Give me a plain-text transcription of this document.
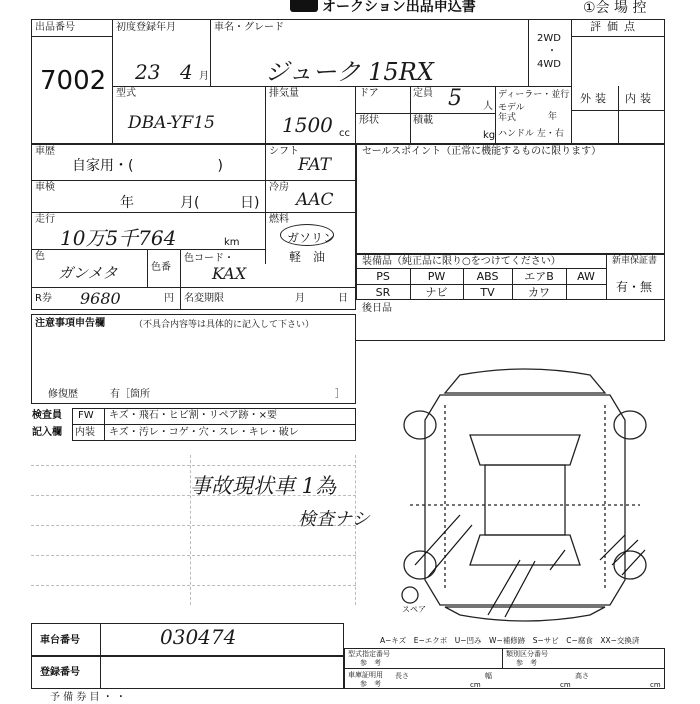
オークション出品申込書	①会 場 控
出品番号
7002
初度登録年月
23 4 月
車名・グレード
ジューク 15RX
2WD
・
4WD
評価点
外装 内装
型式
DBA-YF15
排気量
1500 cc
ドア	定員 5 人
形状	積載
kg
ディーラー・並行
モデル
年式	年
ハンドル 左・右
車歴
自家用・(　　　　　　)
車検
年	月(	日)
走行
10万5千764	km
色
ガンメタ	色番
色コード・
KAX
シフト
FAT
冷房
AAC
燃料
ガソリン
軽　油
R券 9680	円 名変期限	月	日
セールスポイント（正常に機能するものに限ります）
装備品（純正品に限り○をつけてください）	新車保証書
有・無
PS	PW	ABS	エアB	AW
SR	ナビ	TV	カワ
後日品
注意事項申告欄	（不具合内容等は具体的に記入して下さい）
修復歴	有［箇所	］
検査員
記入欄
FW キズ・飛石・ヒビ割・リペア跡・×要
内装 キズ・汚レ・コゲ・穴・スレ・キレ・破レ
事故現状車 1為
検査ナシ
スペア
A−キズ　E−エクボ　U−凹み　W−補修跡　S−サビ　C−腐食　XX−交換済
車台番号	030474
登録番号
型式指定番号
参　考
類別区分番号
参　考
車庫証明用
参　考
長さ
cm
幅
cm
高さ
cm
予 備 券 目 ・ ・
